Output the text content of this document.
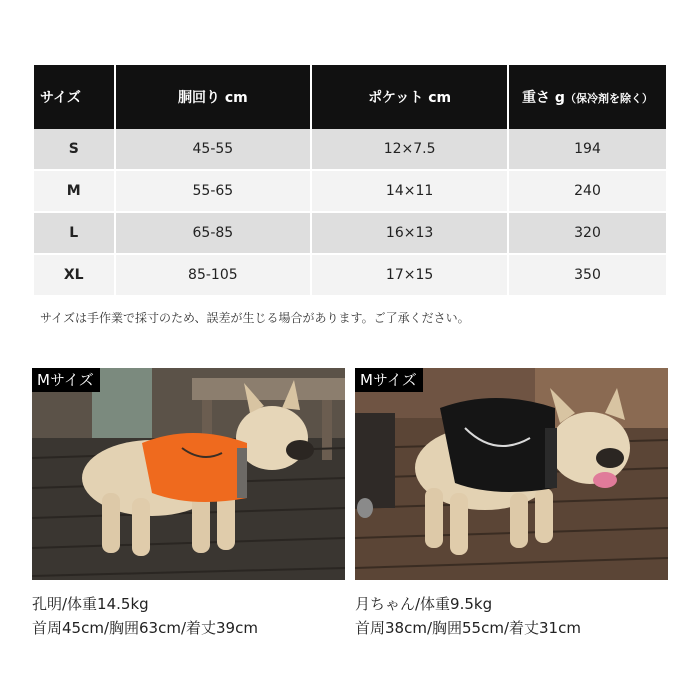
サイズ	胴回り cm	ポケット cm	重さ g（保冷剤を除く）
S	45-55	12×7.5	194
M	55-65	14×11	240
L	65-85	16×13	320
XL	85-105	17×15	350
サイズは手作業で採寸のため、誤差が生じる場合があります。ご了承ください。
Mサイズ	Mサイズ
孔明/体重14.5kg
首周45cm/胸囲63cm/着丈39cm
月ちゃん/体重9.5kg
首周38cm/胸囲55cm/着丈31cm
